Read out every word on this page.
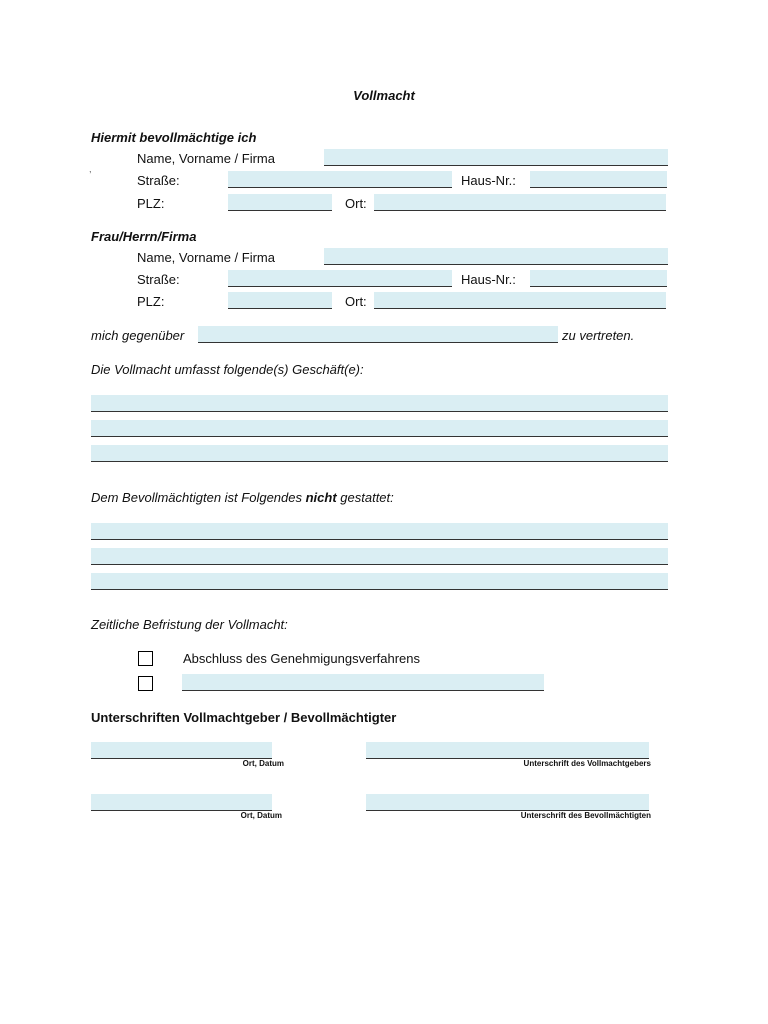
Vollmacht
Hiermit bevollmächtige ich
,
Name, Vorname / Firma
Straße:	Haus-Nr.:
PLZ:	Ort:
Frau/Herrn/Firma
Name, Vorname / Firma
Straße:	Haus-Nr.:
PLZ:	Ort:
mich gegenüber	zu vertreten.
Die Vollmacht umfasst folgende(s) Geschäft(e):
Dem Bevollmächtigten ist Folgendes nicht gestattet:
Zeitliche Befristung der Vollmacht:
Abschluss des Genehmigungsverfahrens
Unterschriften Vollmachtgeber / Bevollmächtigter
Ort, Datum	Unterschrift des Vollmachtgebers
Ort, Datum	Unterschrift des Bevollmächtigten
